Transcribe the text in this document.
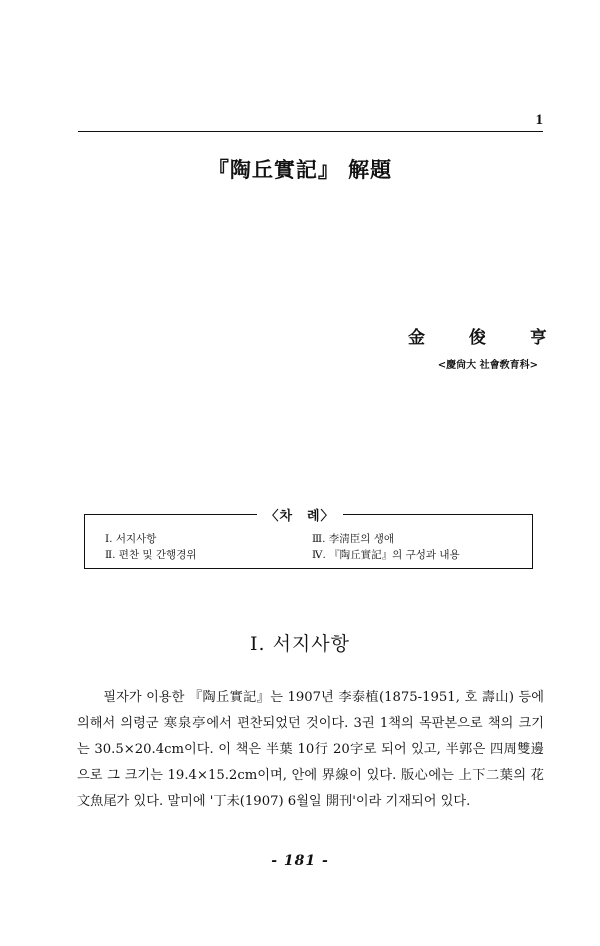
1
『陶丘實記』 解題
金 俊 亨
<慶尙大 社會敎育科>
〈차　례〉
Ⅰ. 서지사항
Ⅱ. 편찬 및 간행경위
Ⅲ. 李淸臣의 생애
Ⅳ. 『陶丘實記』의 구성과 내용
Ⅰ. 서지사항

필자가 이용한 『陶丘實記』는 1907년 李泰植(1875-1951, 호 壽山) 등에 의해서 의령군 寒泉亭에서 편찬되었던 것이다. 3권 1책의 목판본으로 책의 크기는 30.5×20.4cm이다. 이 책은 半葉 10行 20字로 되어 있고, 半郭은 四周雙邊으로 그 크기는 19.4×15.2cm이며, 안에 界線이 있다. 版心에는 上下二葉의 花文魚尾가 있다. 말미에 '丁未(1907) 6월일 開刊'이라 기재되어 있다.

- 181 -
